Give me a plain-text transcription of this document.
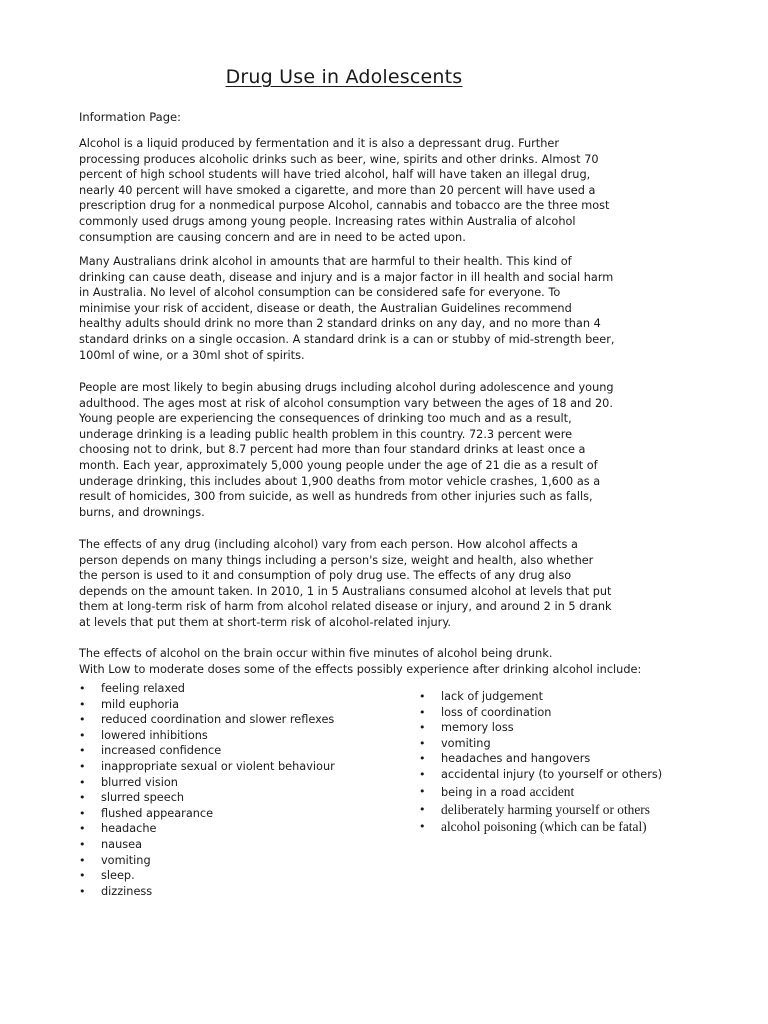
Drug Use in Adolescents
Information Page:

Alcohol is a liquid produced by fermentation and it is also a depressant drug. Further processing produces alcoholic drinks such as beer, wine, spirits and other drinks. Almost 70 percent of high school students will have tried alcohol, half will have taken an illegal drug, nearly 40 percent will have smoked a cigarette, and more than 20 percent will have used a prescription drug for a nonmedical purpose Alcohol, cannabis and tobacco are the three most commonly used drugs among young people. Increasing rates within Australia of alcohol consumption are causing concern and are in need to be acted upon.

Many Australians drink alcohol in amounts that are harmful to their health. This kind of drinking can cause death, disease and injury and is a major factor in ill health and social harm in Australia. No level of alcohol consumption can be considered safe for everyone. To minimise your risk of accident, disease or death, the Australian Guidelines recommend healthy adults should drink no more than 2 standard drinks on any day, and no more than 4 standard drinks on a single occasion. A standard drink is a can or stubby of mid-strength beer, 100ml of wine, or a 30ml shot of spirits.

People are most likely to begin abusing drugs including alcohol during adolescence and young adulthood. The ages most at risk of alcohol consumption vary between the ages of 18 and 20. Young people are experiencing the consequences of drinking too much and as a result, underage drinking is a leading public health problem in this country. 72.3 percent were choosing not to drink, but 8.7 percent had more than four standard drinks at least once a month. Each year, approximately 5,000 young people under the age of 21 die as a result of underage drinking, this includes about 1,900 deaths from motor vehicle crashes, 1,600 as a result of homicides, 300 from suicide, as well as hundreds from other injuries such as falls, burns, and drownings.

The effects of any drug (including alcohol) vary from each person. How alcohol affects a person depends on many things including a person's size, weight and health, also whether the person is used to it and consumption of poly drug use. The effects of any drug also depends on the amount taken. In 2010, 1 in 5 Australians consumed alcohol at levels that put them at long-term risk of harm from alcohol related disease or injury, and around 2 in 5 drank at levels that put them at short-term risk of alcohol-related injury.

The effects of alcohol on the brain occur within five minutes of alcohol being drunk.
With Low to moderate doses some of the effects possibly experience after drinking alcohol include:
• feeling relaxed
• mild euphoria
• reduced coordination and slower reflexes
• lowered inhibitions
• increased confidence
• inappropriate sexual or violent behaviour
• blurred vision
• slurred speech
• flushed appearance
• headache
• nausea
• vomiting
• sleep.
• dizziness
• lack of judgement
• loss of coordination
• memory loss
• vomiting
• headaches and hangovers
• accidental injury (to yourself or others)
• being in a road accident
• deliberately harming yourself or others
• alcohol poisoning (which can be fatal)
